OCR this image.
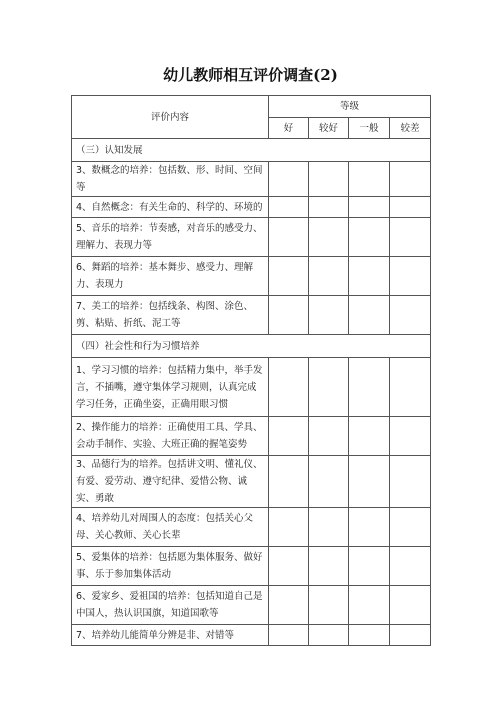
幼儿教师相互评价调查(2)
评价内容	等级			
	好	较好	一般	较差
（三）认知发展				
3、数概念的培养：包括数、形、时间、空间等				
4、自然概念：有关生命的、科学的、环境的				
5、音乐的培养：节奏感，对音乐的感受力、理解力、表现力等				
6、舞蹈的培养：基本舞步、感受力、理解力、表现力				
7、美工的培养：包括线条、构图、涂色、剪、粘贴、折纸、泥工等				
（四）社会性和行为习惯培养				
1、学习习惯的培养：包括精力集中，举手发言，不插嘴，遵守集体学习规则，认真完成学习任务，正确坐姿，正确用眼习惯				
2、操作能力的培养：正确使用工具、学具、会动手制作、实验、大班正确的握笔姿势				
3、品德行为的培养。包括讲文明、懂礼仪、有爱、爱劳动、遵守纪律、爱惜公物、诚实、勇敢				
4、培养幼儿对周围人的态度：包括关心父母、关心教师、关心长辈				
5、爱集体的培养：包括愿为集体服务、做好事、乐于参加集体活动				
6、爱家乡、爱祖国的培养：包括知道自己是中国人，热认识国旗，知道国歌等				
7、培养幼儿能简单分辨是非、对错等				
